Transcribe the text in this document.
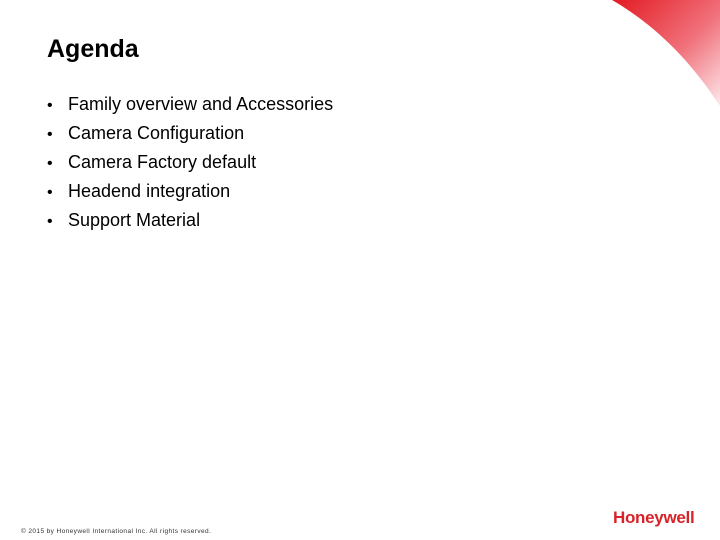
Agenda
• Family overview and Accessories
• Camera Configuration
• Camera Factory default
• Headend integration
• Support Material
© 2015 by Honeywell International Inc. All rights reserved.
Honeywell
